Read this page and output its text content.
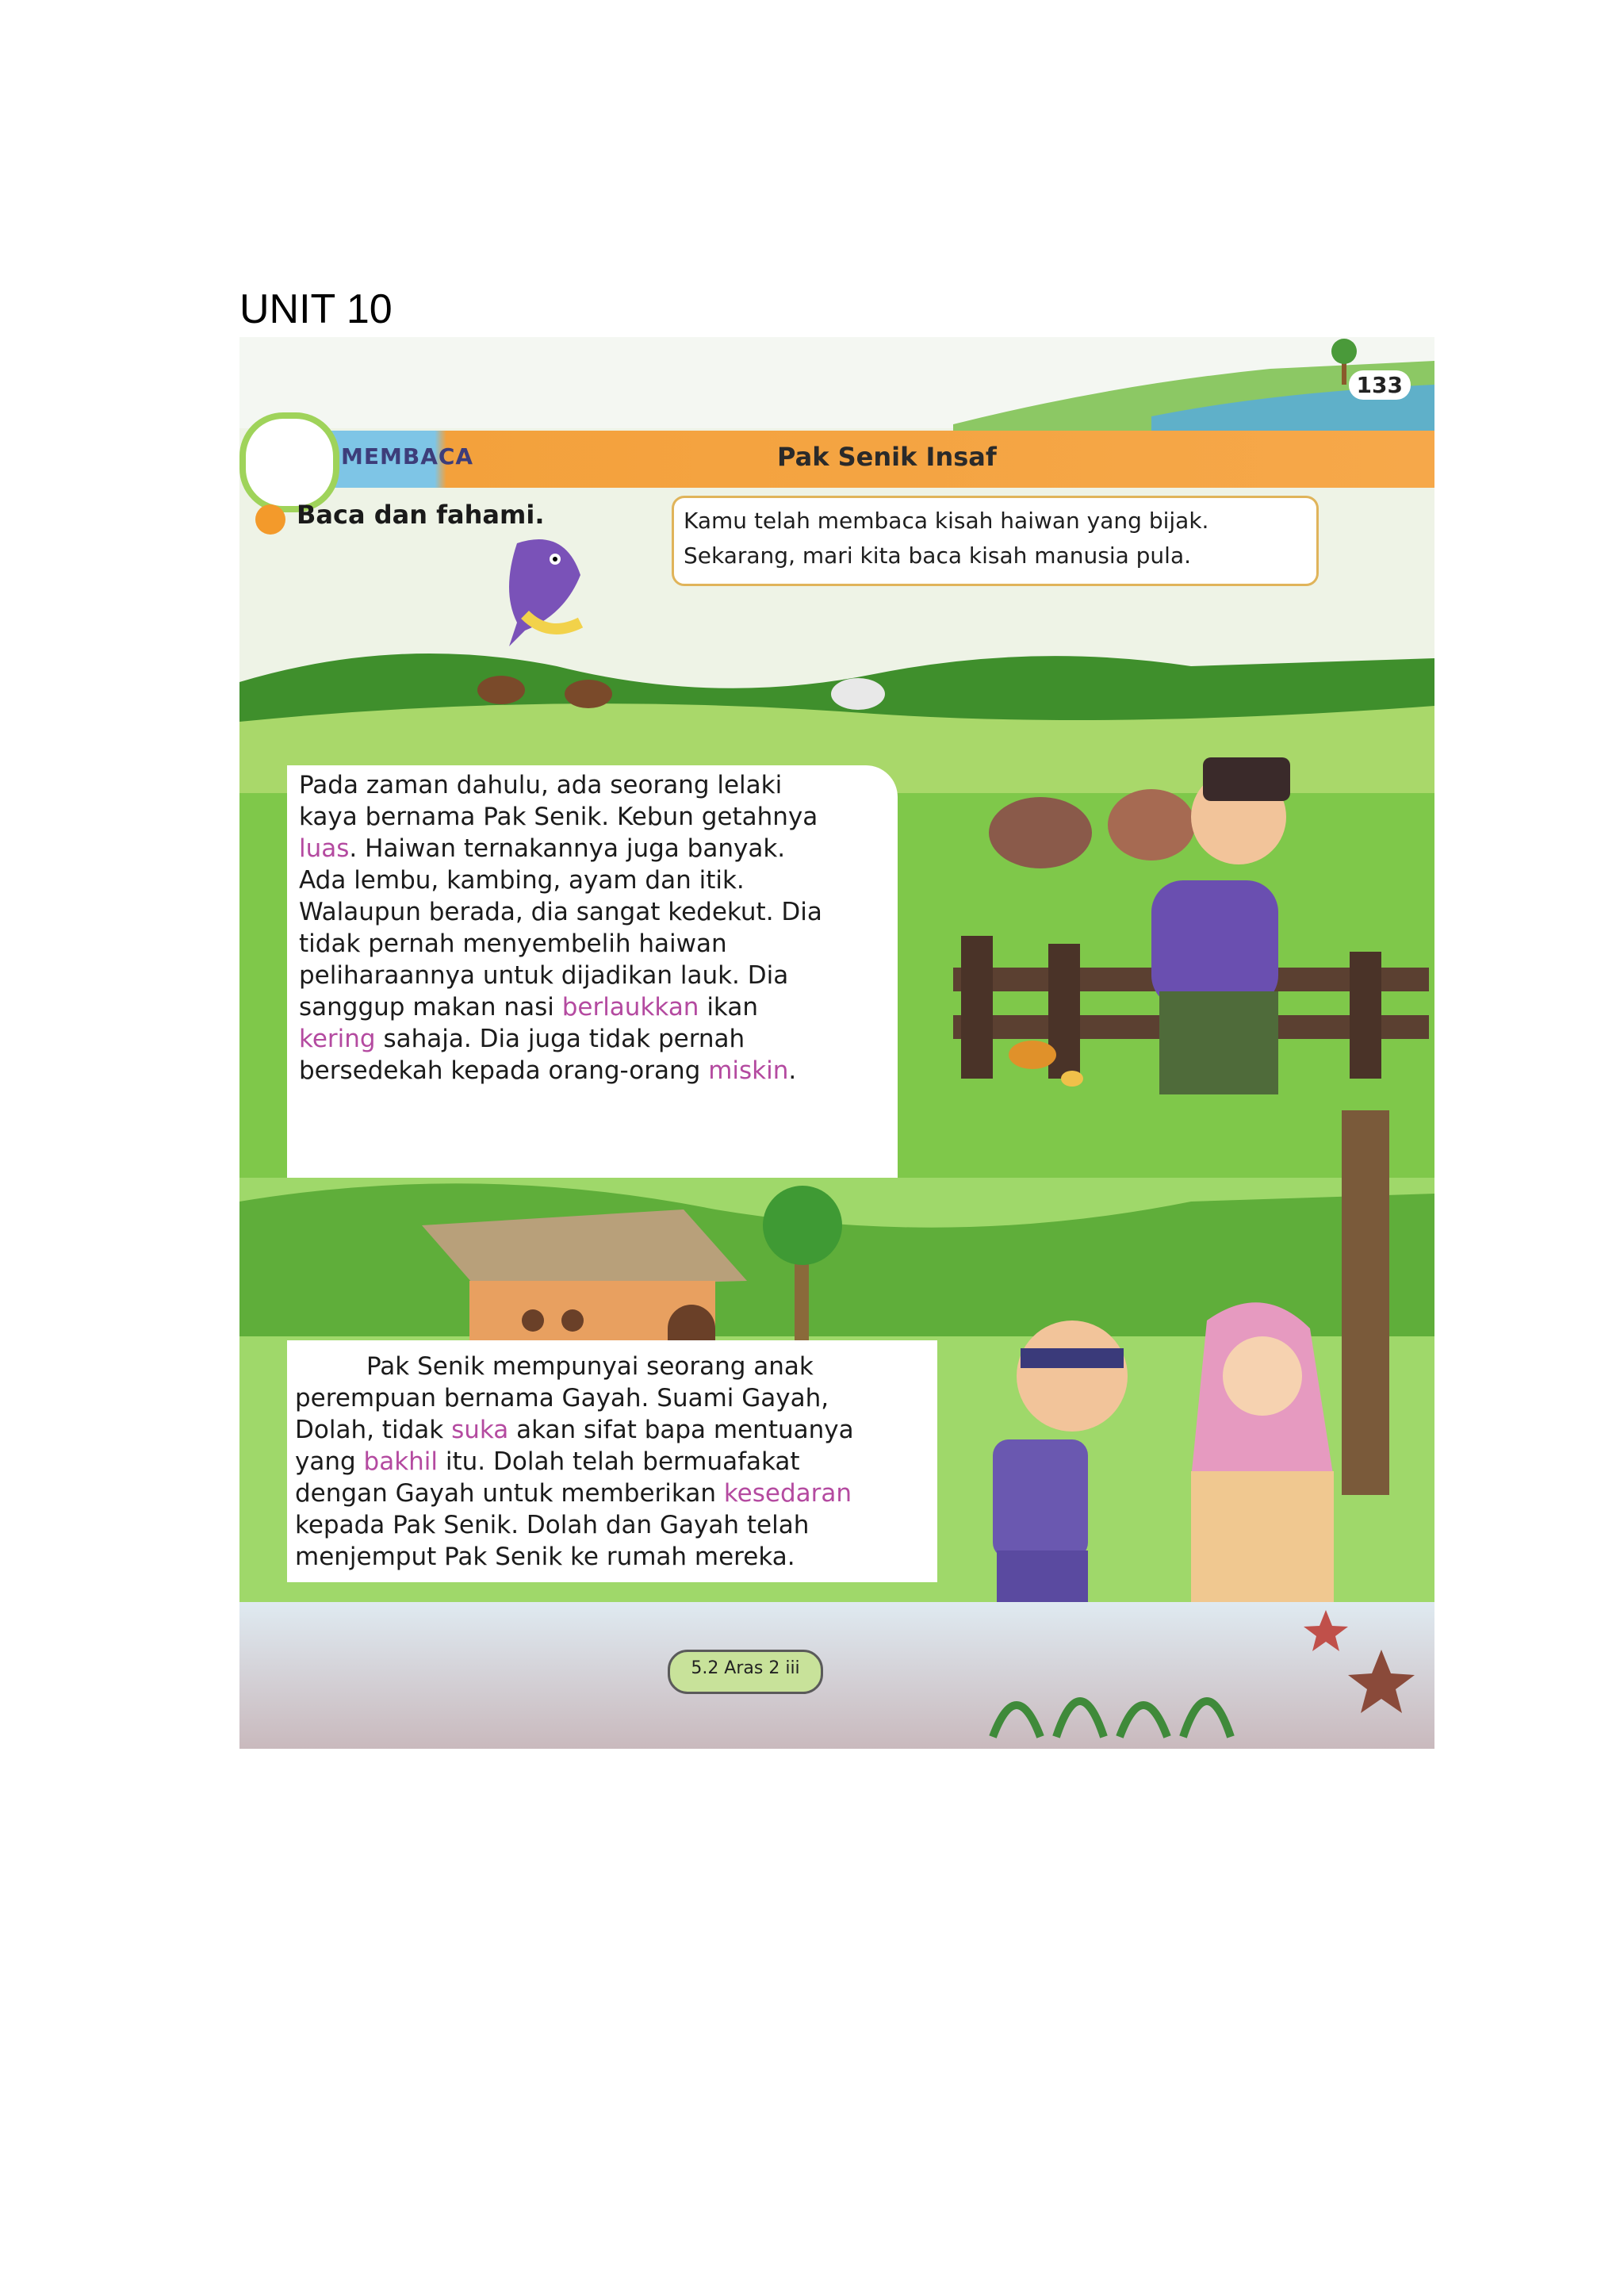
UNIT 10
133
MEMBACA	Pak Senik Insaf
Baca dan fahami.	Kamu telah membaca kisah haiwan yang bijak.
Sekarang, mari kita baca kisah manusia pula.
Pada zaman dahulu, ada seorang lelaki
kaya bernama Pak Senik. Kebun getahnya
luas. Haiwan ternakannya juga banyak.
Ada lembu, kambing, ayam dan itik.
Walaupun berada, dia sangat kedekut. Dia
tidak pernah menyembelih haiwan
peliharaannya untuk dijadikan lauk. Dia
sanggup makan nasi berlaukkan ikan
kering sahaja. Dia juga tidak pernah
bersedekah kepada orang-orang miskin.
Pak Senik mempunyai seorang anak
perempuan bernama Gayah. Suami Gayah,
Dolah, tidak suka akan sifat bapa mentuanya
yang bakhil itu. Dolah telah bermuafakat
dengan Gayah untuk memberikan kesedaran
kepada Pak Senik. Dolah dan Gayah telah
menjemput Pak Senik ke rumah mereka.
5.2 Aras 2 iii
